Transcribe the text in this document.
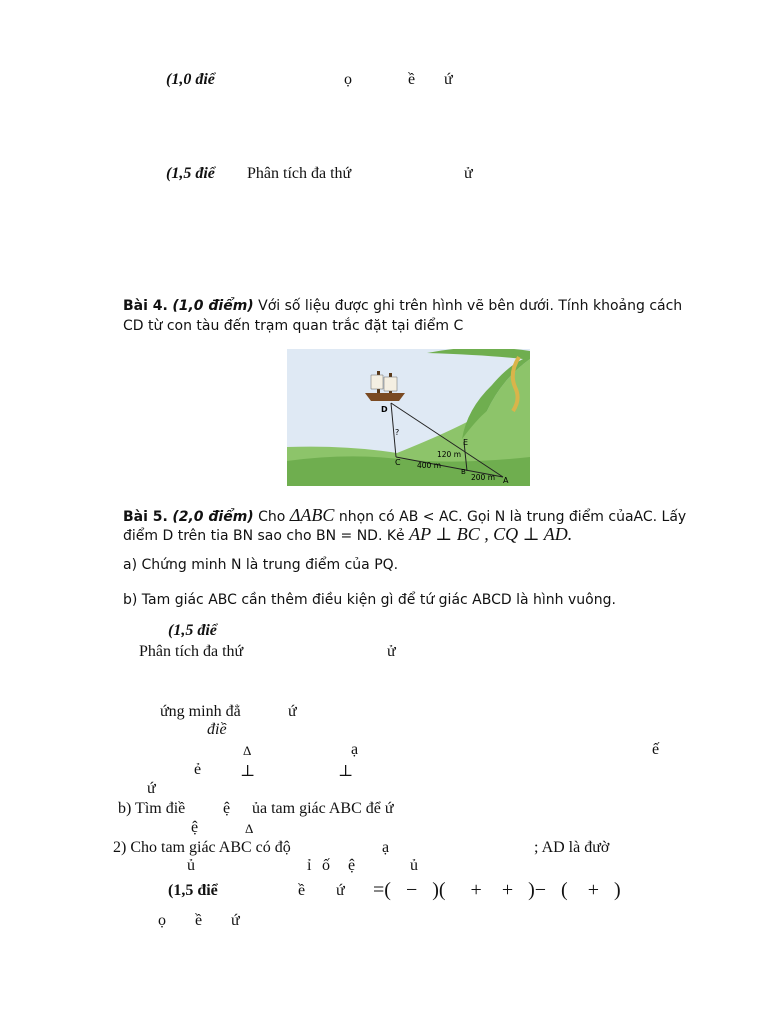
(1,0 điể	ọ	ề ứ
(1,5 điể Phân tích đa thứ	ử
Bài 4. (1,0 điểm) Với số liệu được ghi trên hình vẽ bên dưới. Tính khoảng cách
CD từ con tàu đến trạm quan trắc đặt tại điểm C
D
?
C
E
B
A
120 m
400 m
200 m
Bài 5. (2,0 điểm) Cho ΔABC nhọn có AB < AC. Gọi N là trung điểm củaAC. Lấy
điểm D trên tia BN sao cho BN = ND. Kẻ AP ⊥ BC , CQ ⊥ AD.
a) Chứng minh N là trung điểm của PQ.
b) Tam giác ABC cần thêm điều kiện gì để tứ giác ABCD là hình vuông.
(1,5 điể
Phân tích đa thứ	ử
ứng minh đẳ	ứ
điề
Δ	ạ	ế
ẻ ⊥	⊥
ứ
b) Tìm điề ệ ủa tam giác ABC để ứ
ệ	Δ
2) Cho tam giác ABC có độ	ạ	; AD là đườ
ủ	ỉ ố ệ	ủ
(1,5 điể	ề ứ =(   −   )(     +    +   )−   (    +   )
ọ ề ứ
